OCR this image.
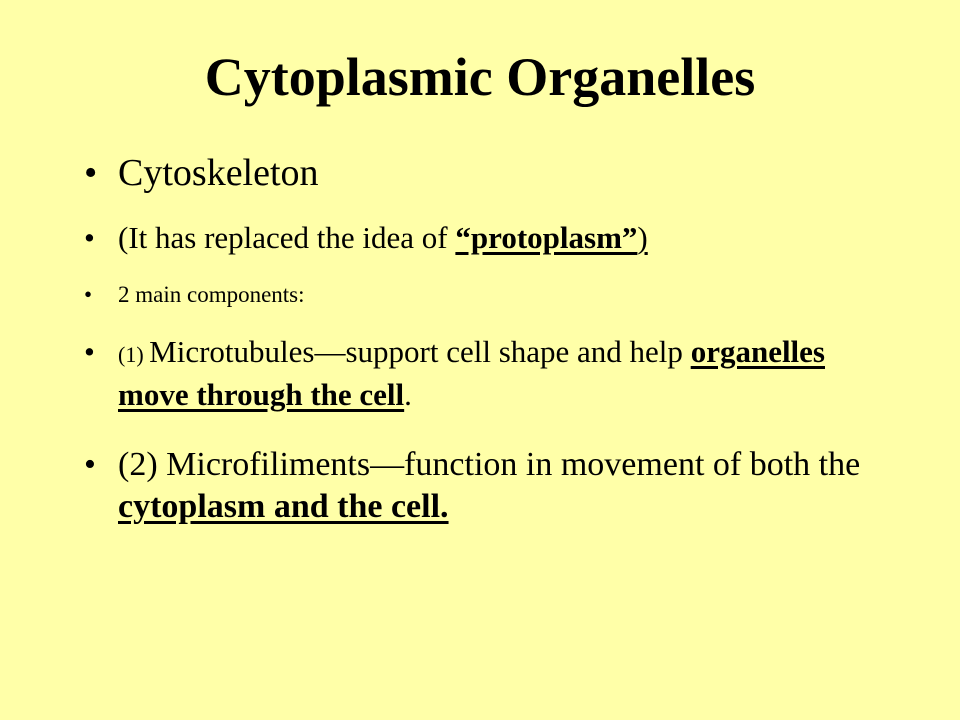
Cytoplasmic Organelles
• Cytoskeleton
• (It has replaced the idea of “protoplasm”)
• 2 main components:
• (1) Microtubules—support cell shape and help organelles move through the cell.
• (2) Microfiliments—function in movement of both the cytoplasm and the cell.
